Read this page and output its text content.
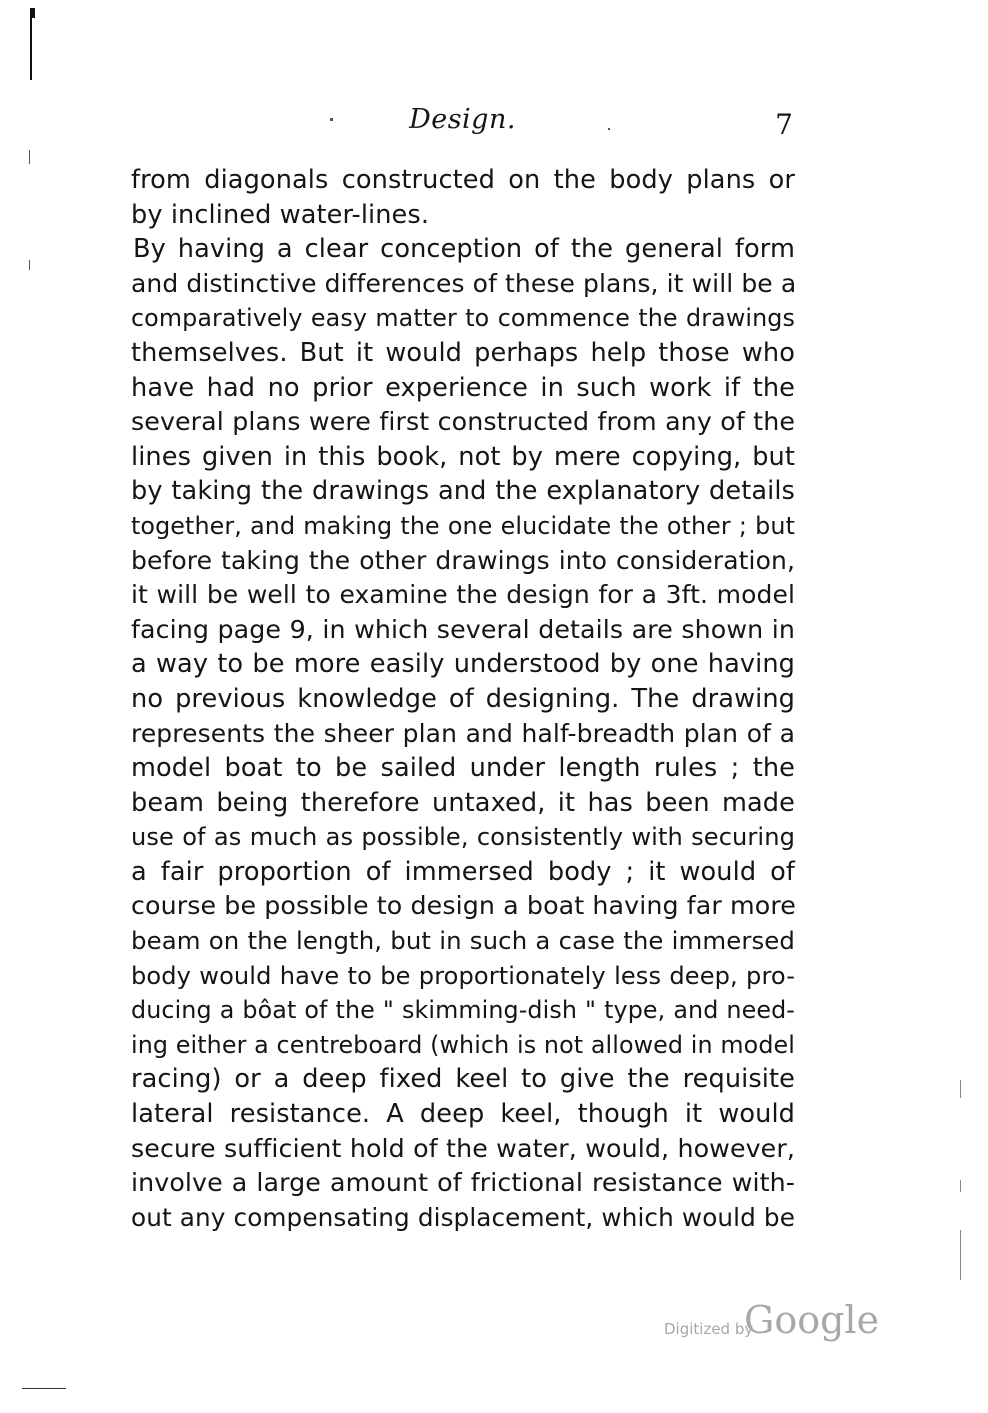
Design.	7
from diagonals constructed on the body plans or
by inclined water-lines.
By having a clear conception of the general form
and distinctive differences of these plans, it will be a
comparatively easy matter to commence the drawings
themselves. But it would perhaps help those who
have had no prior experience in such work if the
several plans were first constructed from any of the
lines given in this book, not by mere copying, but
by taking the drawings and the explanatory details
together, and making the one elucidate the other ; but
before taking the other drawings into consideration,
it will be well to examine the design for a 3ft. model
facing page 9, in which several details are shown in
a way to be more easily understood by one having
no previous knowledge of designing. The drawing
represents the sheer plan and half-breadth plan of a
model boat to be sailed under length rules ; the
beam being therefore untaxed, it has been made
use of as much as possible, consistently with securing
a fair proportion of immersed body ; it would of
course be possible to design a boat having far more
beam on the length, but in such a case the immersed
body would have to be proportionately less deep, pro-
ducing a bôat of the " skimming-dish " type, and need-
ing either a centreboard (which is not allowed in model
racing) or a deep fixed keel to give the requisite
lateral resistance. A deep keel, though it would
secure sufficient hold of the water, would, however,
involve a large amount of frictional resistance with-
out any compensating displacement, which would be
Digitized by
Google
